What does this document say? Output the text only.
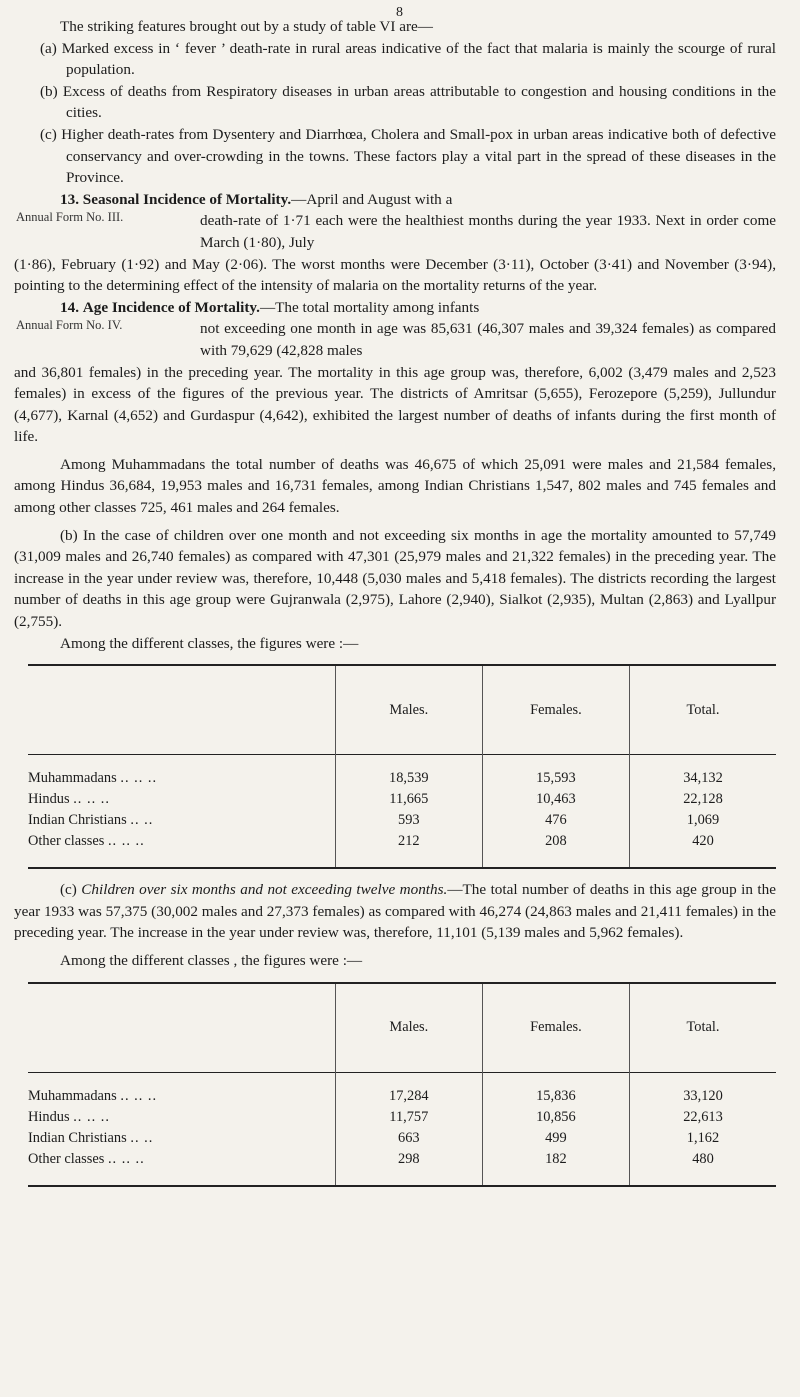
8

The striking features brought out by a study of table VI are—

(a) Marked excess in ‘ fever ’ death-rate in rural areas indicative of the fact that malaria is mainly the scourge of rural population.

(b) Excess of deaths from Respiratory diseases in urban areas attributable to congestion and housing conditions in the cities.

(c) Higher death-rates from Dysentery and Diarrhœa, Cholera and Small-pox in urban areas indicative both of defective conservancy and over-crowding in the towns. These factors play a vital part in the spread of these diseases in the Province.

Annual Form No. III.

13. Seasonal Incidence of Mortality.—April and August with a

death-rate of 1·71 each were the healthiest months during the year 1933. Next in order come March (1·80), July

(1·86), February (1·92) and May (2·06). The worst months were December (3·11), October (3·41) and November (3·94), pointing to the determining effect of the intensity of malaria on the mortality returns of the year.

Annual Form No. IV.

14. Age Incidence of Mortality.—The total mortality among infants

not exceeding one month in age was 85,631 (46,307 males and 39,324 females) as compared with 79,629 (42,828 males

and 36,801 females) in the preceding year. The mortality in this age group was, therefore, 6,002 (3,479 males and 2,523 females) in excess of the figures of the previous year. The districts of Amritsar (5,655), Ferozepore (5,259), Jullundur (4,677), Karnal (4,652) and Gurdaspur (4,642), exhibited the largest number of deaths of infants during the first month of life.

Among Muhammadans the total number of deaths was 46,675 of which 25,091 were males and 21,584 females, among Hindus 36,684, 19,953 males and 16,731 females, among Indian Christians 1,547, 802 males and 745 females and among other classes 725, 461 males and 264 females.

(b) In the case of children over one month and not exceeding six months in age the mortality amounted to 57,749 (31,009 males and 26,740 females) as compared with 47,301 (25,979 males and 21,322 females) in the preceding year. The increase in the year under review was, therefore, 10,448 (5,030 males and 5,418 females). The districts recording the largest number of deaths in this age group were Gujranwala (2,975), Lahore (2,940), Sialkot (2,935), Multan (2,863) and Lyallpur (2,755).

Among the different classes, the figures were :—

	Males.	Females.	Total.
Muhammadans .. .. ..	18,539	15,593	34,132
Hindus .. .. ..	11,665	10,463	22,128
Indian Christians .. ..	593	476	1,069
Other classes .. .. ..	212	208	420

(c) Children over six months and not exceeding twelve months.—The total number of deaths in this age group in the year 1933 was 57,375 (30,002 males and 27,373 females) as compared with 46,274 (24,863 males and 21,411 females) in the preceding year. The increase in the year under review was, therefore, 11,101 (5,139 males and 5,962 females).

Among the different classes , the figures were :—

	Males.	Females.	Total.
Muhammadans .. .. ..	17,284	15,836	33,120
Hindus .. .. ..	11,757	10,856	22,613
Indian Christians .. ..	663	499	1,162
Other classes .. .. ..	298	182	480
